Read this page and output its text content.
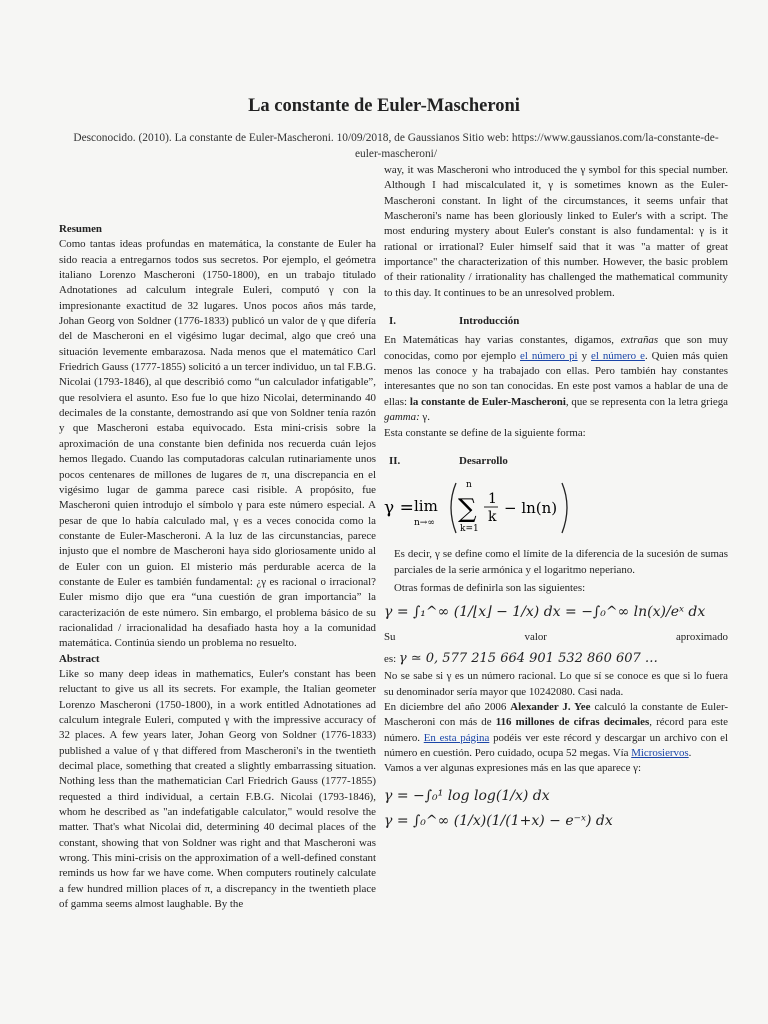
La constante de Euler-Mascheroni
Desconocido. (2010). La constante de Euler-Mascheroni. 10/09/2018, de Gaussianos Sitio web: https://www.gaussianos.com/la-constante-de-euler-mascheroni/

Resumen

Como tantas ideas profundas en matemática, la constante de Euler ha sido reacia a entregarnos todos sus secretos. Por ejemplo, el geómetra italiano Lorenzo Mascheroni (1750-1800), en un trabajo titulado Adnotationes ad calculum integrale Euleri, computó γ con la impresionante exactitud de 32 lugares. Unos pocos años más tarde, Johan Georg von Soldner (1776-1833) publicó un valor de γ que difería del de Mascheroni en el vigésimo lugar decimal, algo que creó una situación levemente embarazosa. Nada menos que el matemático Carl Friedrich Gauss (1777-1855) solicitó a un tercer individuo, un tal F.B.G. Nicolai (1793-1846), al que describió como “un calculador infatigable”, que resolviera el asunto. Eso fue lo que hizo Nicolai, determinando 40 decimales de la constante, demostrando así que von Soldner tenía razón y que Mascheroni estaba equivocado. Esta mini-crisis sobre la aproximación de una constante bien definida nos recuerda cuán lejos hemos llegado. Cuando las computadoras calculan rutinariamente unos pocos centenares de millones de lugares de π, una discrepancia en el vigésimo lugar de gamma parece casi risible. A propósito, fue Mascheroni quien introdujo el símbolo γ para este número especial. A pesar de que lo había calculado mal, γ es a veces conocida como la constante de Euler-Mascheroni. A la luz de las circunstancias, parece injusto que el nombre de Mascheroni haya sido gloriosamente unido al de Euler con un guion. El misterio más perdurable acerca de la constante de Euler es también fundamental: ¿γ es racional o irracional? Euler mismo dijo que era “una cuestión de gran importancia” la caracterización de este número. Sin embargo, el problema básico de su racionalidad / irracionalidad ha desafiado hasta hoy a la comunidad matemática. Continúa siendo un problema no resuelto.

Abstract

Like so many deep ideas in mathematics, Euler's constant has been reluctant to give us all its secrets. For example, the Italian geometer Lorenzo Mascheroni (1750-1800), in a work entitled Adnotationes ad calculum integrale Euleri, computed γ with the impressive accuracy of 32 places. A few years later, Johan Georg von Soldner (1776-1833) published a value of γ that differed from Mascheroni's in the twentieth decimal place, something that created a slightly embarrassing situation. Nothing less than the mathematician Carl Friedrich Gauss (1777-1855) requested a third individual, a certain F.B.G. Nicolai (1793-1846), whom he described as "an indefatigable calculator," would resolve the matter. That's what Nicolai did, determining 40 decimal places of the constant, showing that von Soldner was right and that Mascheroni was wrong. This mini-crisis on the approximation of a well-defined constant reminds us how far we have come. When computers routinely calculate a few hundred million places of π, a discrepancy in the twentieth place of gamma seems almost laughable. By the

way, it was Mascheroni who introduced the γ symbol for this special number. Although I had miscalculated it, γ is sometimes known as the Euler-Mascheroni constant. In light of the circumstances, it seems unfair that Mascheroni's name has been gloriously linked to Euler's with a script. The most enduring mystery about Euler's constant is also fundamental: γ is it rational or irrational? Euler himself said that it was "a matter of great importance" the characterization of this number. However, the basic problem of their rationality / irrationality has challenged the mathematical community to this day. It continues to be an unresolved problem.

I.	Introducción

En Matemáticas hay varias constantes, digamos, extrañas que son muy conocidas, como por ejemplo el número pi y el número e. Quien más quien menos las conoce y ha trabajado con ellas. Pero también hay constantes interesantes que no son tan conocidas. En este post vamos a hablar de una de ellas: la constante de Euler-Mascheroni, que se representa con la letra griega gamma: γ.

Esta constante se define de la siguiente forma:

II.	Desarrollo
γ = lim
n→∞
n
∑
k=1
1
k − ln(n)

Es decir, γ se define como el límite de la diferencia de la sucesión de sumas parciales de la serie armónica y el logaritmo neperiano.

Otras formas de definirla son las siguientes:

γ = ∫₁^∞ (1/⌊x⌋ − 1/x) dx = −∫₀^∞ ln(x)/eˣ dx
Su	valor	aproximado

es: γ ≃ 0, 577 215 664 901 532 860 607 …

No se sabe si γ es un número racional. Lo que sí se conoce es que si lo fuera su denominador sería mayor que 10242080. Casi nada.

En diciembre del año 2006 Alexander J. Yee calculó la constante de Euler-Mascheroni con más de 116 millones de cifras decimales, récord para este número. En esta página podéis ver este récord y descargar un archivo con el número en cuestión. Pero cuidado, ocupa 52 megas. Vía Microsiervos.

Vamos a ver algunas expresiones más en las que aparece γ:

γ = −∫₀¹ log log(1/x) dx
γ = ∫₀^∞ (1/x)(1/(1+x) − e⁻ˣ) dx
